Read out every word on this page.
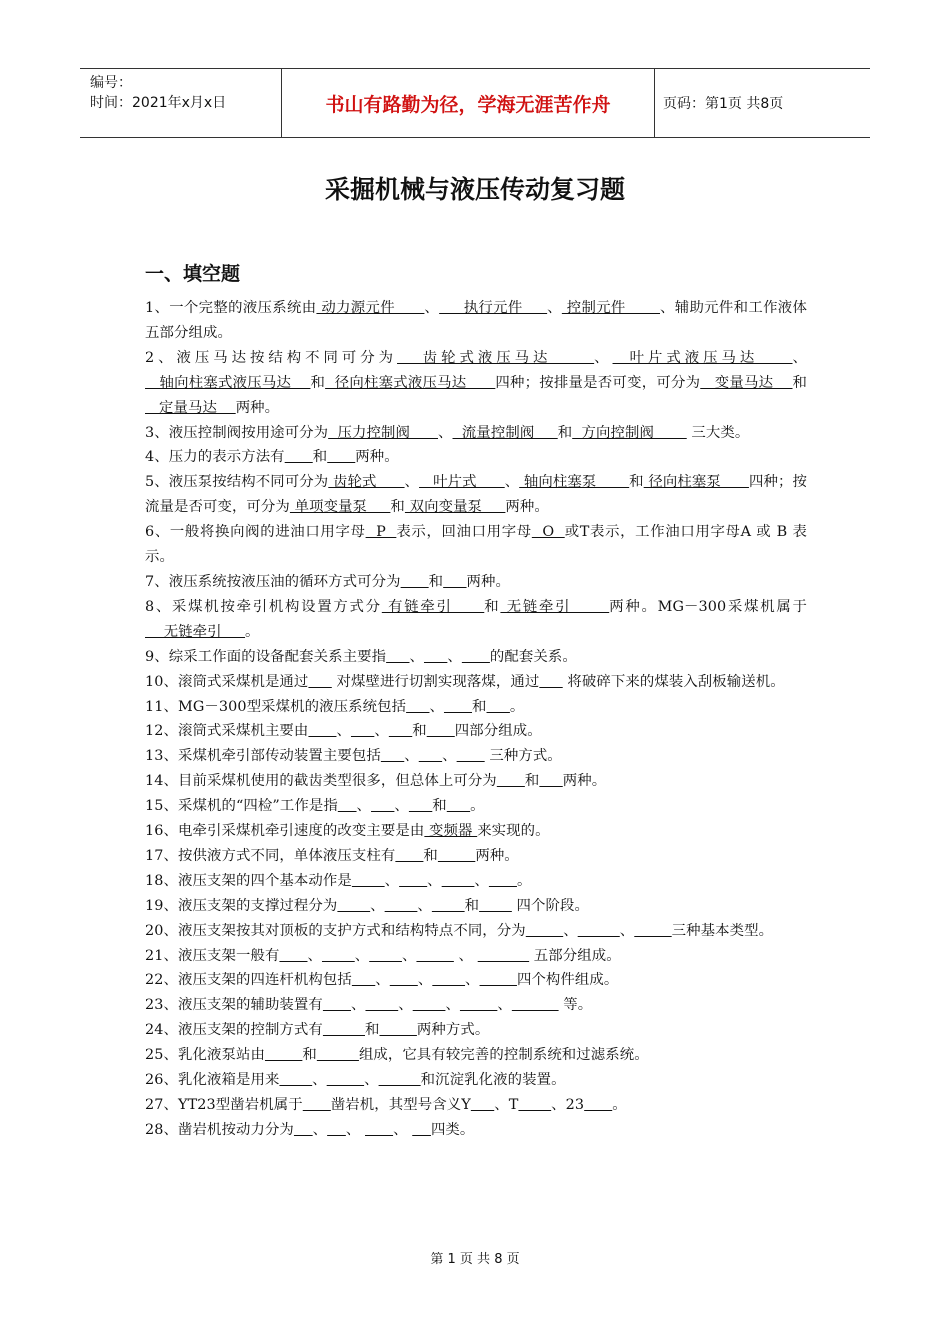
编号：
时间：2021年x月x日	书山有路勤为径，学海无涯苦作舟	页码：第1页 共8页
采掘机械与液压传动复习题
一、填空题
1、一个完整的液压系统由 动力源元件      、     执行元件     、 控制元件       、辅助元件和工作液体五部分组成。
2、液压马达按结构不同可分为   齿轮式液压马达     、  叶片式液压马达    、   轴向柱塞式液压马达    和  径向柱塞式液压马达      四种；按排量是否可变，可分为   变量马达    和   定量马达    两种。
3、液压控制阀按用途可分为  压力控制阀      、  流量控制阀     和  方向控制阀        三大类。
4、压力的表示方法有 和 两种。
5、液压泵按结构不同可分为 齿轮式      、   叶片式      、 轴向柱塞泵       和 径向柱塞泵      四种；按流量是否可变，可分为 单项变量泵     和 双向变量泵     两种。
6、一般将换向阀的进油口用字母  P  表示，回油口用字母  O  或T表示，工作油口用字母A 或 B 表示。
7、液压系统按液压油的循环方式可分为 和 两种。
8、采煤机按牵引机构设置方式分 有链牵引     和 无链牵引      两种。MG－300采煤机属于    无链牵引     。
9、综采工作面的设备配套关系主要指 、 、 的配套关系。
10、滚筒式采煤机是通过      对煤壁进行切割实现落煤，通过      将破碎下来的煤装入刮板输送机。
11、MG－300型采煤机的液压系统包括 、 和 。
12、滚筒式采煤机主要由 、 、 和 四部分组成。
13、采煤机牵引部传动装置主要包括 、 、       三种方式。
14、目前采煤机使用的截齿类型很多，但总体上可分为 和 两种。
15、采煤机的“四检”工作是指 、 、 和 。
16、电牵引采煤机牵引速度的改变主要是由 变频器 来实现的。
17、按供液方式不同，单体液压支柱有 和	两种。
18、液压支架的四个基本动作是 、 、 、 。
19、液压支架的支撑过程分为 、 、 和        四个阶段。
20、液压支架按其对顶板的支护方式和结构特点不同，分为	、	、	三种基本类型。
21、液压支架一般有 、 、 、	、	五部分组成。
22、液压支架的四连杆机构包括 、 、 、	四个构件组成。
23、液压支架的辅助装置有 、 、 、	、	等。
24、液压支架的控制方式有	和	两种方式。
25、乳化液泵站由	和	组成，它具有较完善的控制系统和过滤系统。
26、乳化液箱是用来 、	、	和沉淀乳化液的装置。
27、YT23型凿岩机属于 凿岩机，其型号含义Y 、T 、23 。
28、凿岩机按动力分为 、 、       、     四类。
第 1 页 共 8 页
